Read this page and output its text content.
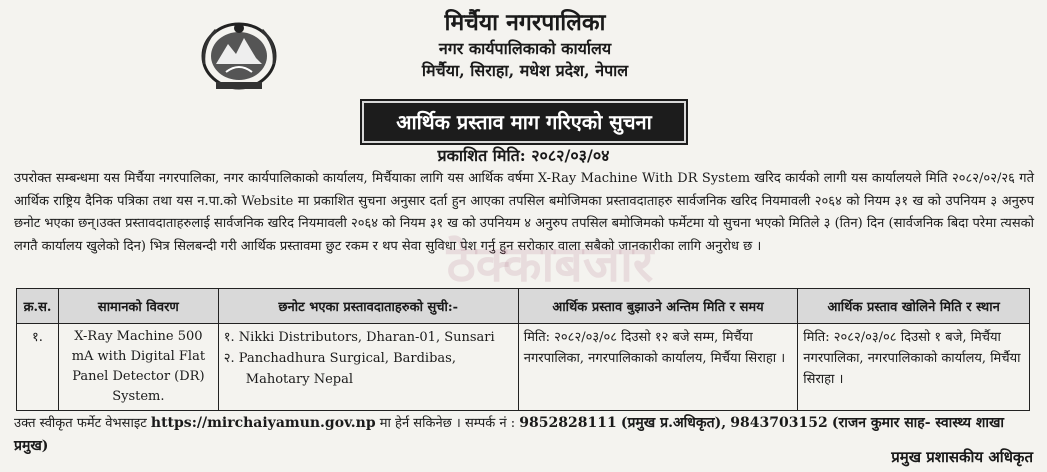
मिर्चैया नगरपालिका
नगर कार्यपालिकाको कार्यालय
मिर्चैया, सिराहा, मधेश प्रदेश, नेपाल
आर्थिक प्रस्ताव माग गरिएको सुचना
प्रकाशित मिति: २०८२/०३/०४
उपरोक्त सम्बन्धमा यस मिर्चैया नगरपालिका, नगर कार्यपालिकाको कार्यालय, मिर्चैयाका लागि यस आर्थिक वर्षमा X-Ray Machine With DR System खरिद कार्यको लागी यस कार्यालयले मिति २०८२/०२/२६ गते आर्थिक राष्ट्रिय दैनिक पत्रिका तथा यस न.पा.को Website मा प्रकाशित सुचना अनुसार दर्ता हुन आएका तपसिल बमोजिमका प्रस्तावदाताहरु सार्वजनिक खरिद नियमावली २०६४ को नियम ३१ ख को उपनियम ३ अनुरुप छनोट भएका छन्।उक्त प्रस्तावदाताहरुलाई सार्वजनिक खरिद नियमावली २०६४ को नियम ३१ ख को उपनियम ४ अनुरुप तपसिल बमोजिमको फर्मेटमा यो सुचना भएको मितिले ३ (तिन) दिन (सार्वजनिक बिदा परेमा त्यसको लगतै कार्यालय खुलेको दिन) भित्र सिलबन्दी गरी आर्थिक प्रस्तावमा छुट रकम र थप सेवा सुविधा पेश गर्नु हुन सरोकार वाला सबैको जानकारीका लागि अनुरोध छ ।
ठेक्काबजार
क्र.स.	सामानको विवरण	छनोट भएका प्रस्तावदाताहरुको सुची:-	आर्थिक प्रस्ताव बुझाउने अन्तिम मिति र समय	आर्थिक प्रस्ताव खोलिने मिति र स्थान
१.	X-Ray Machine 500 mA with Digital Flat Panel Detector (DR) System.	१. Nikki Distributors, Dharan-01, Sunsari
२. Panchadhura Surgical, Bardibas,
Mahotary Nepal	मिति: २०८२/०३/०८ दिउसो १२ बजे सम्म, मिर्चैया नगरपालिका, नगरपालिकाको कार्यालय, मिर्चैया सिराहा ।	मिति: २०८२/०३/०८ दिउसो १ बजे, मिर्चैया नगरपालिका, नगरपालिकाको कार्यालय, मिर्चैया सिराहा ।
उक्त स्वीकृत फर्मेट वेभसाइट https://mirchaiyamun.gov.np मा हेर्न सकिनेछ । सम्पर्क नं : 9852828111 (प्रमुख प्र.अधिकृत), 9843703152 (राजन कुमार साह- स्वास्थ्य शाखा प्रमुख)
प्रमुख प्रशासकीय अधिकृत
